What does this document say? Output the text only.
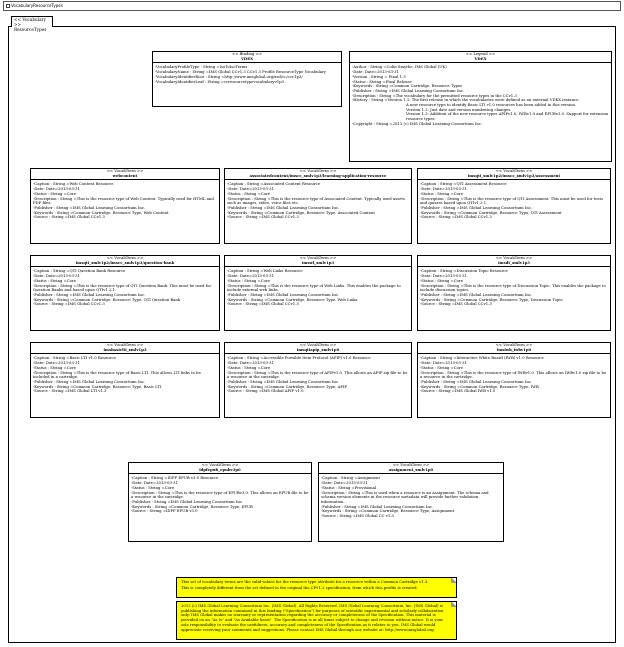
VocabularyResourceTypes
<< Vocabulary >>
ResourceTypes
<< Binding >>
VDEX
-VocabularyProfileType : String =IsoToIsoTerms
-VocabularyName : String =IMS Global CCv1.3 CCv1.3 Profile ResourceType Vocabulary
-VocabularyIdentifierRoot : String =http://www.imsglobal.org/xsd/cc/ccv1p3/
-VocabularyIdentifierLeaf : String =ccresourcetypevocabularyv1p3
<< Legend >>
VDEX
-Author : String =Colin Smythe, IMS Global (UK)
-Date: Date=2013-03-31
-Version : String = Final 1.3
-Status : String =Final Release
-Keywords : String =Common Cartridge, Resource Types
-Publisher : String =IMS Global Learning Consortium Inc.
-Description : String =The vocabulary for the permitted resource types in the CCv1.3.
-History : String =Version 1.1: The first release in which the vocabularies were defined as an external VDEX instance.
A new resource type to identify Basic LTI v1.0 resources has been added in this version.
Version 1.2: Just date and version numbering changes.
Version 1.3: Addition of the new resource types APIPv1.0, IWBv1.0 and EPUBv3.0. Support for extension resource types.
-Copyright : String =2013 (c) IMS Global Learning Consortium Inc.
<< VocabTerm >>
webcontent
-Caption : String =Web Content Resource
-Date: Date=2013-03-31
-Status : String =Core
-Description : String =This is the resource type of Web Content. Typically used for HTML and PDF files.
-Publisher : String =IMS Global Learning Consortium Inc.
-Keywords : String =Common Cartridge, Resource Type, Web Content
-Source : String =IMS Global CCv1.3
<< VocabTerm >>
associatedcontent/imscc_xmlv1p3/learning-application-resource
-Caption : String =Associated Content Resource
-Date: Date=2013-03-31
-Status : String =Core
-Description : String =This is the resource type of Associated Content. Typically used assets such as images, video, voice files etc.
-Publisher : String =IMS Global Learning Consortium Inc.
-Keywords : String =Common Cartridge, Resource Type, Associated Content
-Source : String =IMS Global CCv1.3
<< VocabTerm >>
imsqti_xmlv1p2/imscc_xmlv1p3/assessment
-Caption : String =QTI Assessment Resource
-Date: Date=2013-03-31
-Status : String =Core
-Description : String =This is the resource type of QTI Assessment. This must be used for tests and quizzes based upon QTIv1.2.1.
-Publisher : String =IMS Global Learning Consortium Inc.
-Keywords : String =Common Cartridge, Resource Type, QTI Assessment
-Source : String =IMS Global CCv1.3
<< VocabTerm >>
imsqti_xmlv1p2/imscc_xmlv1p3/question-bank
-Caption : String =QTI Question Bank Resource
-Date: Date=2013-03-31
-Status : String =Core
-Description : String =This is the resource type of QTI Question Bank. This must be used for Question Banks and based upon QTIv1.2.1.
-Publisher : String =IMS Global Learning Consortium Inc.
-Keywords : String =Common Cartridge, Resource Type, QTI Question Bank
-Source : String =IMS Global CCv1.3
<< VocabTerm >>
imswl_xmlv1p3
-Caption : String =Web Links Resource
-Date: Date=2013-03-31
-Status : String =Core
-Description : String =This is the resource type of Web Links. This enables the package to include external web links.
-Publisher : String =IMS Global Learning Consortium Inc.
-Keywords : String =Common Cartridge, Resource Type, Web Links
-Source : String =IMS Global CCv1.3
<< VocabTerm >>
imsdt_xmlv1p3
-Caption : String =Discussion Topic Resource
-Date: Date=2013-03-31
-Status : String =Core
-Description : String =This is the resource type of Discussion Topic. This enables the package to include discussion topics.
-Publisher : String =IMS Global Learning Consortium Inc.
-Keywords : String =Common Cartridge, Resource Type, Discussion Topic
-Source : String =IMS Global CCv1.3
<< VocabTerm >>
imsbasiclti_xmlv1p3
-Caption : String =Basic LTI v1.0 Resource
-Date: Date=2013-03-31
-Status : String =Core
-Description : String =This is the resource type of Basic LTI. This allows LTI links to be included in a cartridge.
-Publisher : String =IMS Global Learning Consortium Inc.
-Keywords : String =Common Cartridge, Resource Type, Basic LTI
-Source : String =IMS Global LTI v1.3
<< VocabTerm >>
imsqtiapip_xmlv1p0
-Caption : String =Accessible Portable Item Protocol (APIP) v1.0 Resource
-Date: Date=2013-03-31
-Status : String =Core
-Description : String =This is the resource type of APIPv1.0. This allows an APIP zip file to be a resource in the cartridge.
-Publisher : String =IMS Global Learning Consortium Inc.
-Keywords : String =Common Cartridge, Resource Type, APIP
-Source : String =IMS Global APIP v1.0
<< VocabTerm >>
imsiwb_iwbv1p0
-Caption : String =Interactive White Board (IWB) v1.0 Resource
-Date: Date=2013-03-31
-Status : String =Core
-Description : String =This is the resource type of IWBv1.0. This allows an IWBv1.0 zip file to be a resource in the cartridge.
-Publisher : String =IMS Global Learning Consortium Inc.
-Keywords : String =Common Cartridge, Resource Type, IWB
-Source : String =IMS Global IWB v1.0
<< VocabTerm >>
idpfepub_epubv3p0
-Caption : String =IDPF EPUB v3.0 Resource
-Date: Date=2013-03-31
-Status : String =Core
-Description : String =This is the resource type of EPUBv3.0. This allows an EPUB file to be a resource in the cartridge.
-Publisher : String =IMS Global Learning Consortium Inc.
-Keywords : String =Common Cartridge, Resource Type, EPUB
-Source : String =IDPF EPUB v3.0
<< VocabTerm >>
assignment_xmlv1p0
-Caption : String =Assignment
-Date: Date=2013-03-31
-Status : String =Provisional
-Description : String =This is used when a resource is an Assignment. The schema and schema version elements in the resource metadata will provide further validation information.
-Publisher : String =IMS Global Learning Consortium Inc.
-Keywords : String =Common Cartridge, Resource Type, Assignment
-Source : String =IMS Global CC v1.3
This set of vocabulary terms are the valid values for the resource type attribute for a resource within a Common Cartridge v1.3.
This is completely different from the set defined in the original the CPv1.2 specification, from which this profile is created.
2013 (c) IMS Global Learning Consortium Inc. (IMS Global). All Rights Reserved. IMS Global Learning Consortium, Inc. (IMS Global) is publishing the information contained in this binding ("Specification") for purposes of scientific experimental and scholarly collaboration only. IMS Global makes no warranty or representation regarding the accuracy or completeness of the Specification. This material is provided on an "As Is" and "As Available basis". The Specification is at all times subject to change and revision without notice. It is your sole responsibility to evaluate the usefulness, accuracy and completeness of the Specification as it relates to you. IMS Global would appreciate receiving your comments and suggestions. Please contact IMS Global through our website at: http://www.imsglobal.org.
